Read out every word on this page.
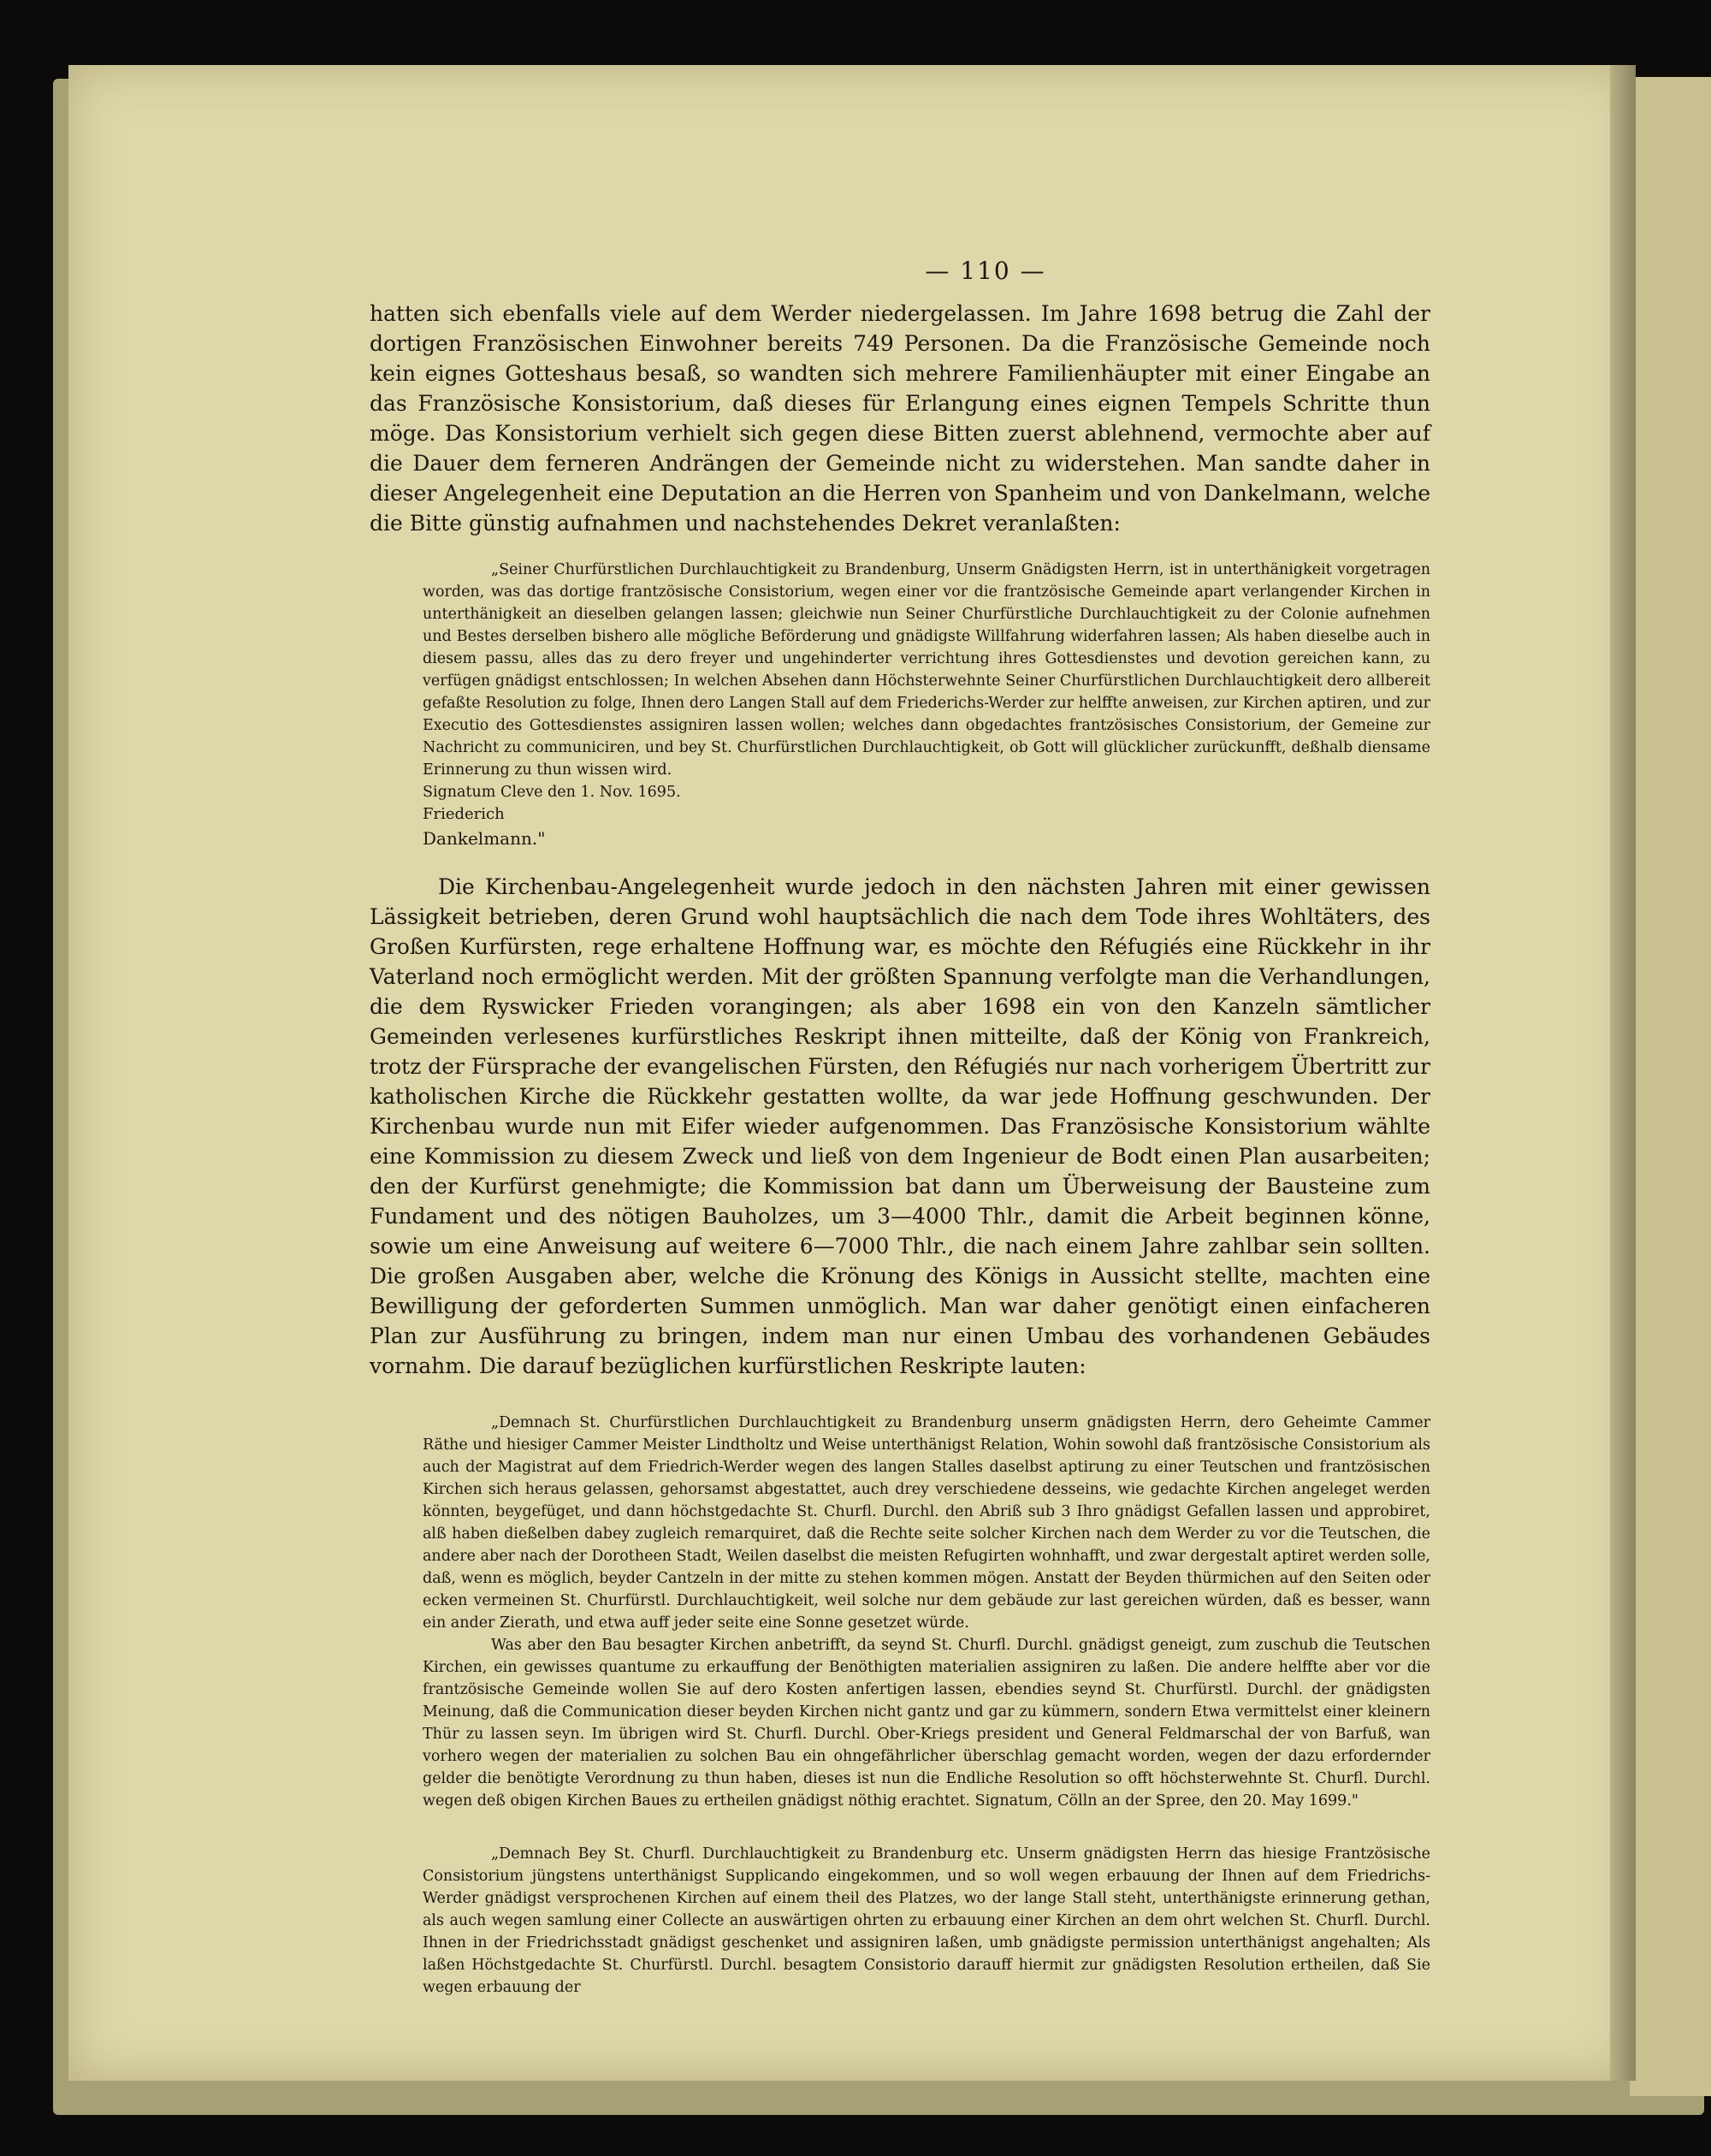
— 110 —

hatten sich ebenfalls viele auf dem Werder niedergelassen. Im Jahre 1698 betrug die Zahl der dortigen Französischen Einwohner bereits 749 Personen. Da die Französische Gemeinde noch kein eignes Gotteshaus besaß, so wandten sich mehrere Familienhäupter mit einer Eingabe an das Französische Konsistorium, daß dieses für Erlangung eines eignen Tempels Schritte thun möge. Das Konsistorium verhielt sich gegen diese Bitten zuerst ablehnend, vermochte aber auf die Dauer dem ferneren Andrängen der Gemeinde nicht zu widerstehen. Man sandte daher in dieser Angelegenheit eine Deputation an die Herren von Spanheim und von Dankelmann, welche die Bitte günstig aufnahmen und nachstehendes Dekret veranlaßten:

„Seiner Churfürstlichen Durchlauchtigkeit zu Brandenburg, Unserm Gnädigsten Herrn, ist in unterthänigkeit vorgetragen worden, was das dortige frantzösische Consistorium, wegen einer vor die frantzösische Gemeinde apart verlangender Kirchen in unterthänigkeit an dieselben gelangen lassen; gleichwie nun Seiner Churfürstliche Durchlauchtigkeit zu der Colonie aufnehmen und Bestes derselben bishero alle mögliche Beförderung und gnädigste Willfahrung widerfahren lassen; Als haben dieselbe auch in diesem passu, alles das zu dero freyer und ungehinderter verrichtung ihres Gottesdienstes und devotion gereichen kann, zu verfügen gnädigst entschlossen; In welchen Absehen dann Höchsterwehnte Seiner Churfürstlichen Durchlauchtigkeit dero allbereit gefaßte Resolution zu folge, Ihnen dero Langen Stall auf dem Friederichs-Werder zur helffte anweisen, zur Kirchen aptiren, und zur Executio des Gottesdienstes assigniren lassen wollen; welches dann obgedachtes frantzösisches Consistorium, der Gemeine zur Nachricht zu communiciren, und bey St. Churfürstlichen Durchlauchtigkeit, ob Gott will glücklicher zurückunfft, deßhalb diensame Erinnerung zu thun wissen wird.

Signatum Cleve den 1. Nov. 1695.

Friederich

Dankelmann."

Die Kirchenbau-Angelegenheit wurde jedoch in den nächsten Jahren mit einer gewissen Lässigkeit betrieben, deren Grund wohl hauptsächlich die nach dem Tode ihres Wohltäters, des Großen Kurfürsten, rege erhaltene Hoffnung war, es möchte den Réfugiés eine Rückkehr in ihr Vaterland noch ermöglicht werden. Mit der größten Spannung verfolgte man die Verhandlungen, die dem Ryswicker Frieden vorangingen; als aber 1698 ein von den Kanzeln sämtlicher Gemeinden verlesenes kurfürstliches Reskript ihnen mitteilte, daß der König von Frankreich, trotz der Fürsprache der evangelischen Fürsten, den Réfugiés nur nach vorherigem Übertritt zur katholischen Kirche die Rückkehr gestatten wollte, da war jede Hoffnung geschwunden. Der Kirchenbau wurde nun mit Eifer wieder aufgenommen. Das Französische Konsistorium wählte eine Kommission zu diesem Zweck und ließ von dem Ingenieur de Bodt einen Plan ausarbeiten; den der Kurfürst genehmigte; die Kommission bat dann um Überweisung der Bausteine zum Fundament und des nötigen Bauholzes, um 3—4000 Thlr., damit die Arbeit beginnen könne, sowie um eine Anweisung auf weitere 6—7000 Thlr., die nach einem Jahre zahlbar sein sollten. Die großen Ausgaben aber, welche die Krönung des Königs in Aussicht stellte, machten eine Bewilligung der geforderten Summen unmöglich. Man war daher genötigt einen einfacheren Plan zur Ausführung zu bringen, indem man nur einen Umbau des vorhandenen Gebäudes vornahm. Die darauf bezüglichen kurfürstlichen Reskripte lauten:

„Demnach St. Churfürstlichen Durchlauchtigkeit zu Brandenburg unserm gnädigsten Herrn, dero Geheimte Cammer Räthe und hiesiger Cammer Meister Lindtholtz und Weise unterthänigst Relation, Wohin sowohl daß frantzösische Consistorium als auch der Magistrat auf dem Friedrich-Werder wegen des langen Stalles daselbst aptirung zu einer Teutschen und frantzösischen Kirchen sich heraus gelassen, gehorsamst abgestattet, auch drey verschiedene desseins, wie gedachte Kirchen angeleget werden könnten, beygefüget, und dann höchstgedachte St. Churfl. Durchl. den Abriß sub 3 Ihro gnädigst Gefallen lassen und approbiret, alß haben dießelben dabey zugleich remarquiret, daß die Rechte seite solcher Kirchen nach dem Werder zu vor die Teutschen, die andere aber nach der Dorotheen Stadt, Weilen daselbst die meisten Refugirten wohnhafft, und zwar dergestalt aptiret werden solle, daß, wenn es möglich, beyder Cantzeln in der mitte zu stehen kommen mögen. Anstatt der Beyden thürmichen auf den Seiten oder ecken vermeinen St. Churfürstl. Durchlauchtigkeit, weil solche nur dem gebäude zur last gereichen würden, daß es besser, wann ein ander Zierath, und etwa auff jeder seite eine Sonne gesetzet würde.

Was aber den Bau besagter Kirchen anbetrifft, da seynd St. Churfl. Durchl. gnädigst geneigt, zum zuschub die Teutschen Kirchen, ein gewisses quantume zu erkauffung der Benöthigten materialien assigniren zu laßen. Die andere helffte aber vor die frantzösische Gemeinde wollen Sie auf dero Kosten anfertigen lassen, ebendies seynd St. Churfürstl. Durchl. der gnädigsten Meinung, daß die Communication dieser beyden Kirchen nicht gantz und gar zu kümmern, sondern Etwa vermittelst einer kleinern Thür zu lassen seyn. Im übrigen wird St. Churfl. Durchl. Ober-Kriegs president und General Feldmarschal der von Barfuß, wan vorhero wegen der materialien zu solchen Bau ein ohngefährlicher überschlag gemacht worden, wegen der dazu erfordernder gelder die benötigte Verordnung zu thun haben, dieses ist nun die Endliche Resolution so offt höchsterwehnte St. Churfl. Durchl. wegen deß obigen Kirchen Baues zu ertheilen gnädigst nöthig erachtet. Signatum, Cölln an der Spree, den 20. May 1699."

„Demnach Bey St. Churfl. Durchlauchtigkeit zu Brandenburg etc. Unserm gnädigsten Herrn das hiesige Frantzösische Consistorium jüngstens unterthänigst Supplicando eingekommen, und so woll wegen erbauung der Ihnen auf dem Friedrichs-Werder gnädigst versprochenen Kirchen auf einem theil des Platzes, wo der lange Stall steht, unterthänigste erinnerung gethan, als auch wegen samlung einer Collecte an auswärtigen ohrten zu erbauung einer Kirchen an dem ohrt welchen St. Churfl. Durchl. Ihnen in der Friedrichsstadt gnädigst geschenket und assigniren laßen, umb gnädigste permission unterthänigst angehalten; Als laßen Höchstgedachte St. Churfürstl. Durchl. besagtem Consistorio darauff hiermit zur gnädigsten Resolution ertheilen, daß Sie wegen erbauung der
